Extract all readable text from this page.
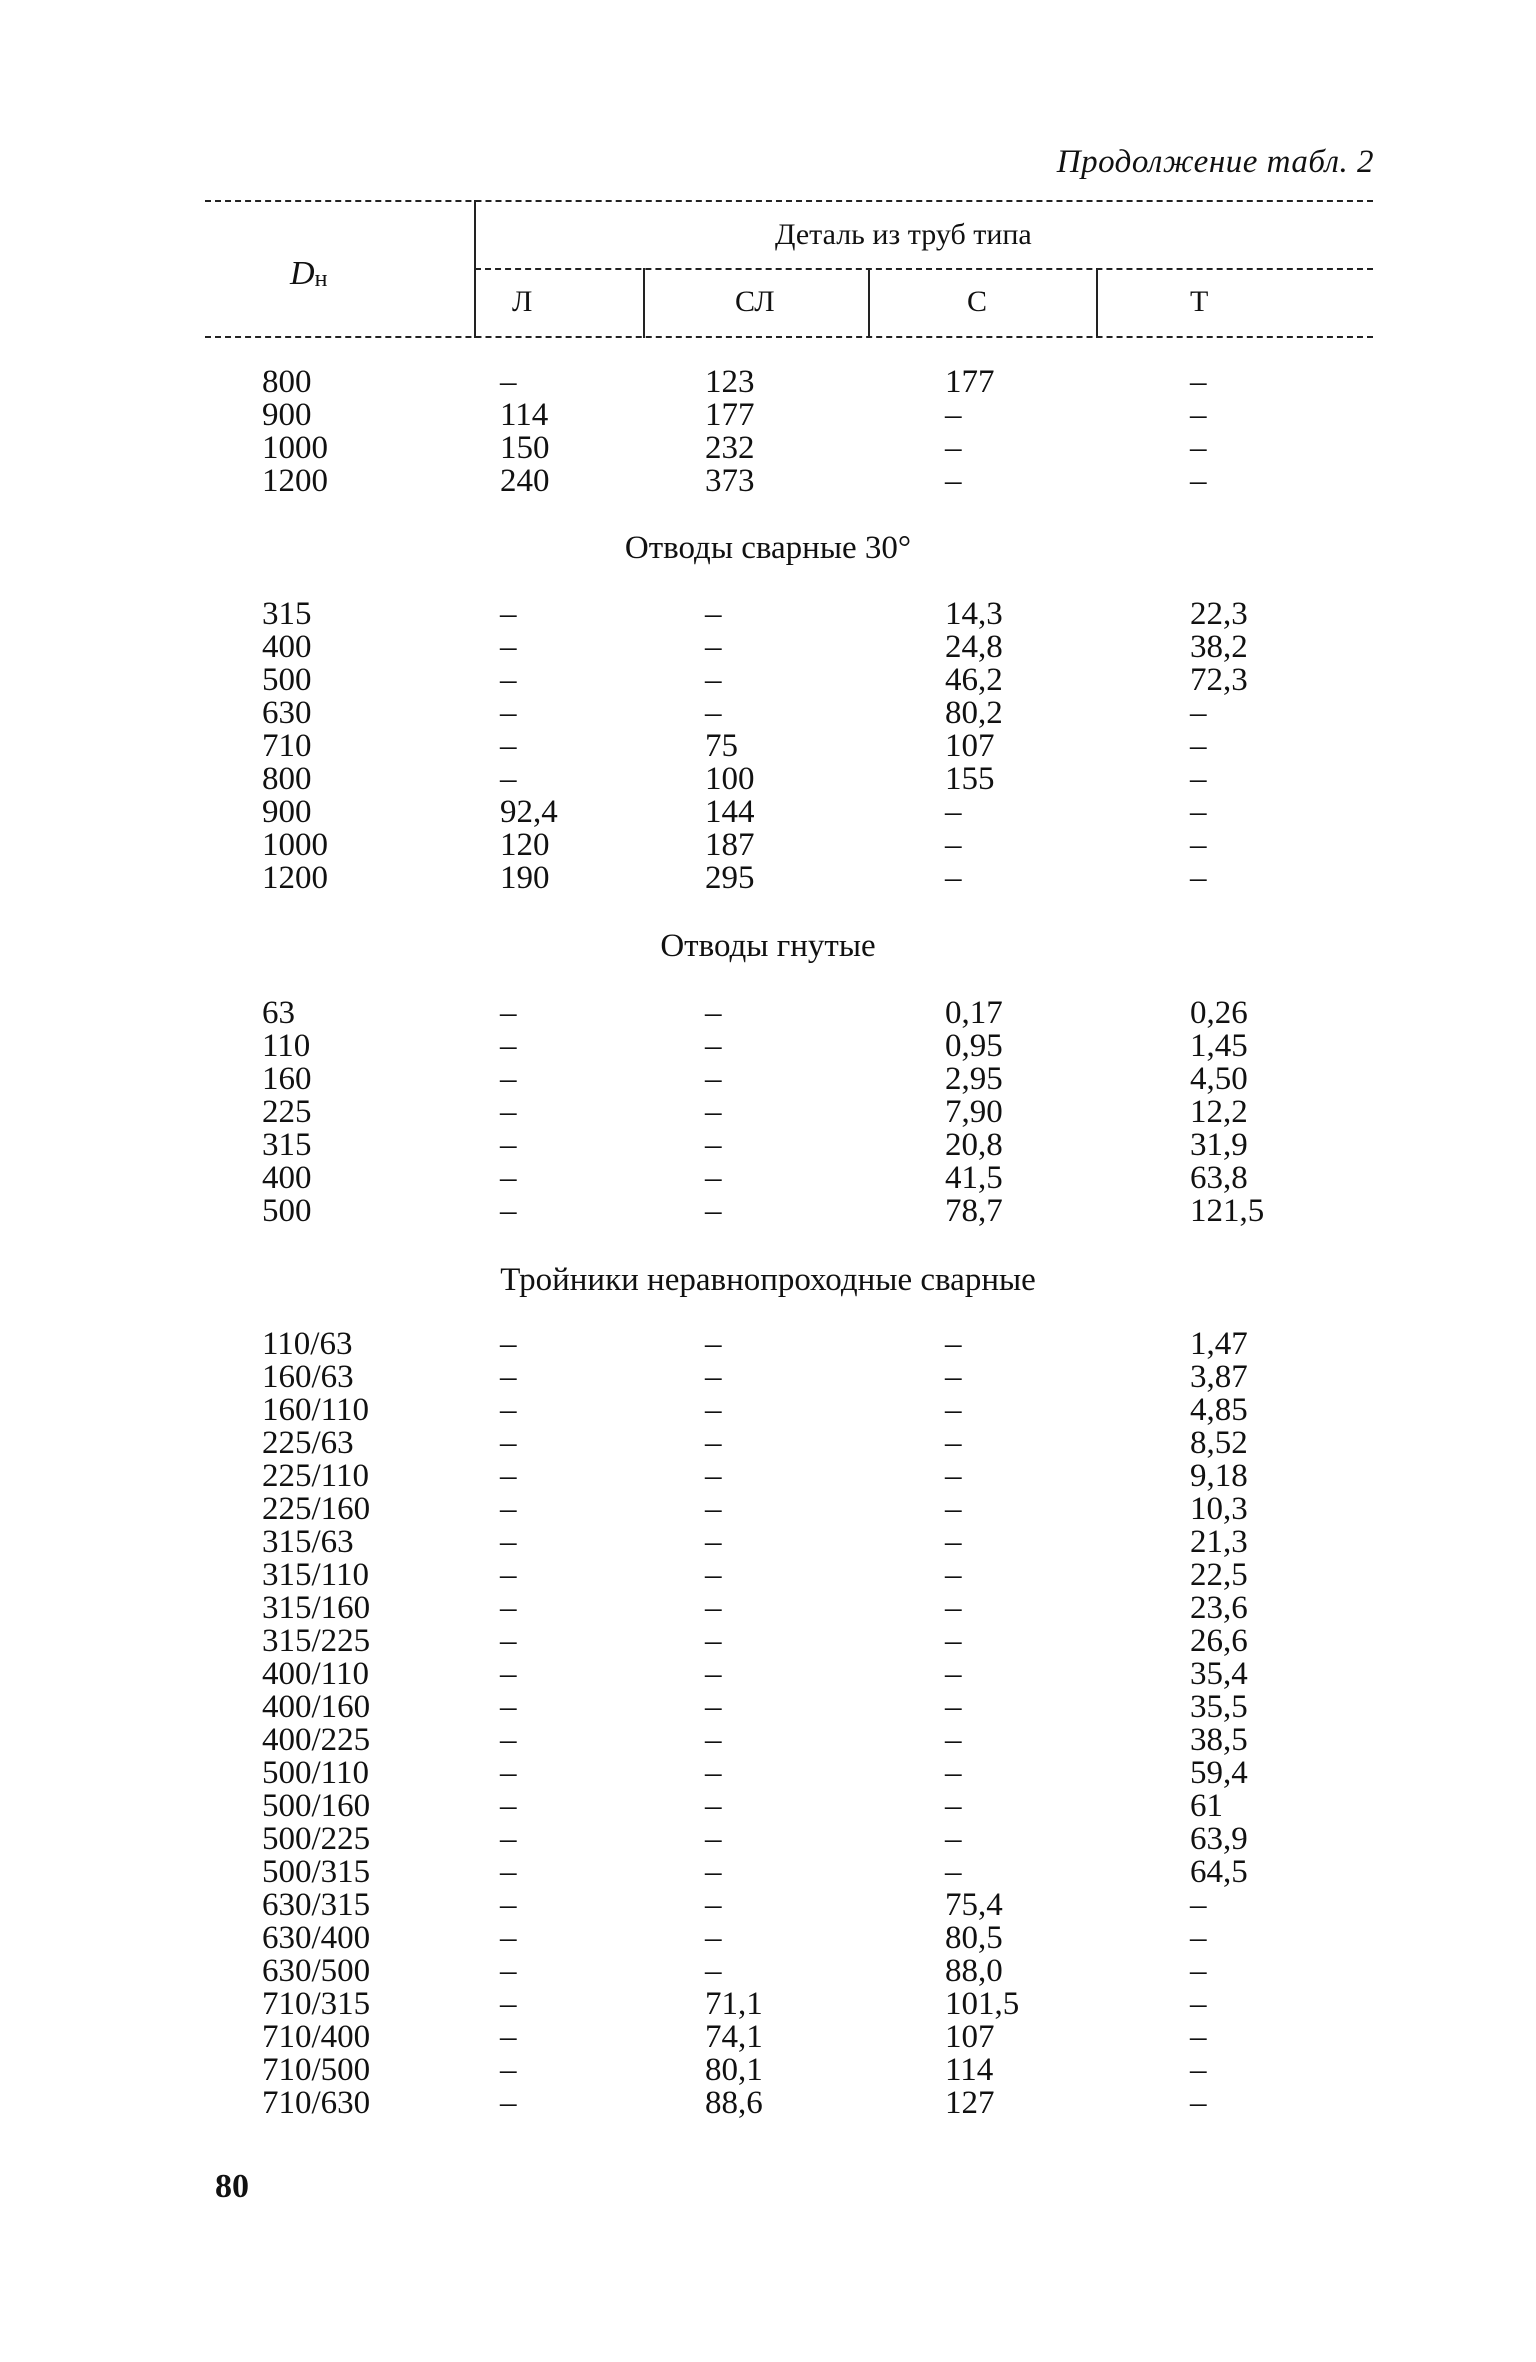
Продолжение табл. 2
$D_н$
Деталь из труб типа
Л	СЛ	С	Т
800	–	123	177	–
900	114	177	–	–
1000	150	232	–	–
1200	240	373	–	–
Отводы сварные 30°
315	–	–	14,3	22,3
400	–	–	24,8	38,2
500	–	–	46,2	72,3
630	–	–	80,2	–
710	–	75	107	–
800	–	100	155	–
900	92,4	144	–	–
1000	120	187	–	–
1200	190	295	–	–
Отводы гнутые
63	–	–	0,17	0,26
110	–	–	0,95	1,45
160	–	–	2,95	4,50
225	–	–	7,90	12,2
315	–	–	20,8	31,9
400	–	–	41,5	63,8
500	–	–	78,7	121,5
Тройники неравнопроходные сварные
110/63	–	–	–	1,47
160/63	–	–	–	3,87
160/110	–	–	–	4,85
225/63	–	–	–	8,52
225/110	–	–	–	9,18
225/160	–	–	–	10,3
315/63	–	–	–	21,3
315/110	–	–	–	22,5
315/160	–	–	–	23,6
315/225	–	–	–	26,6
400/110	–	–	–	35,4
400/160	–	–	–	35,5
400/225	–	–	–	38,5
500/110	–	–	–	59,4
500/160	–	–	–	61
500/225	–	–	–	63,9
500/315	–	–	–	64,5
630/315	–	–	75,4	–
630/400	–	–	80,5	–
630/500	–	–	88,0	–
710/315	–	71,1	101,5	–
710/400	–	74,1	107	–
710/500	–	80,1	114	–
710/630	–	88,6	127	–
80
